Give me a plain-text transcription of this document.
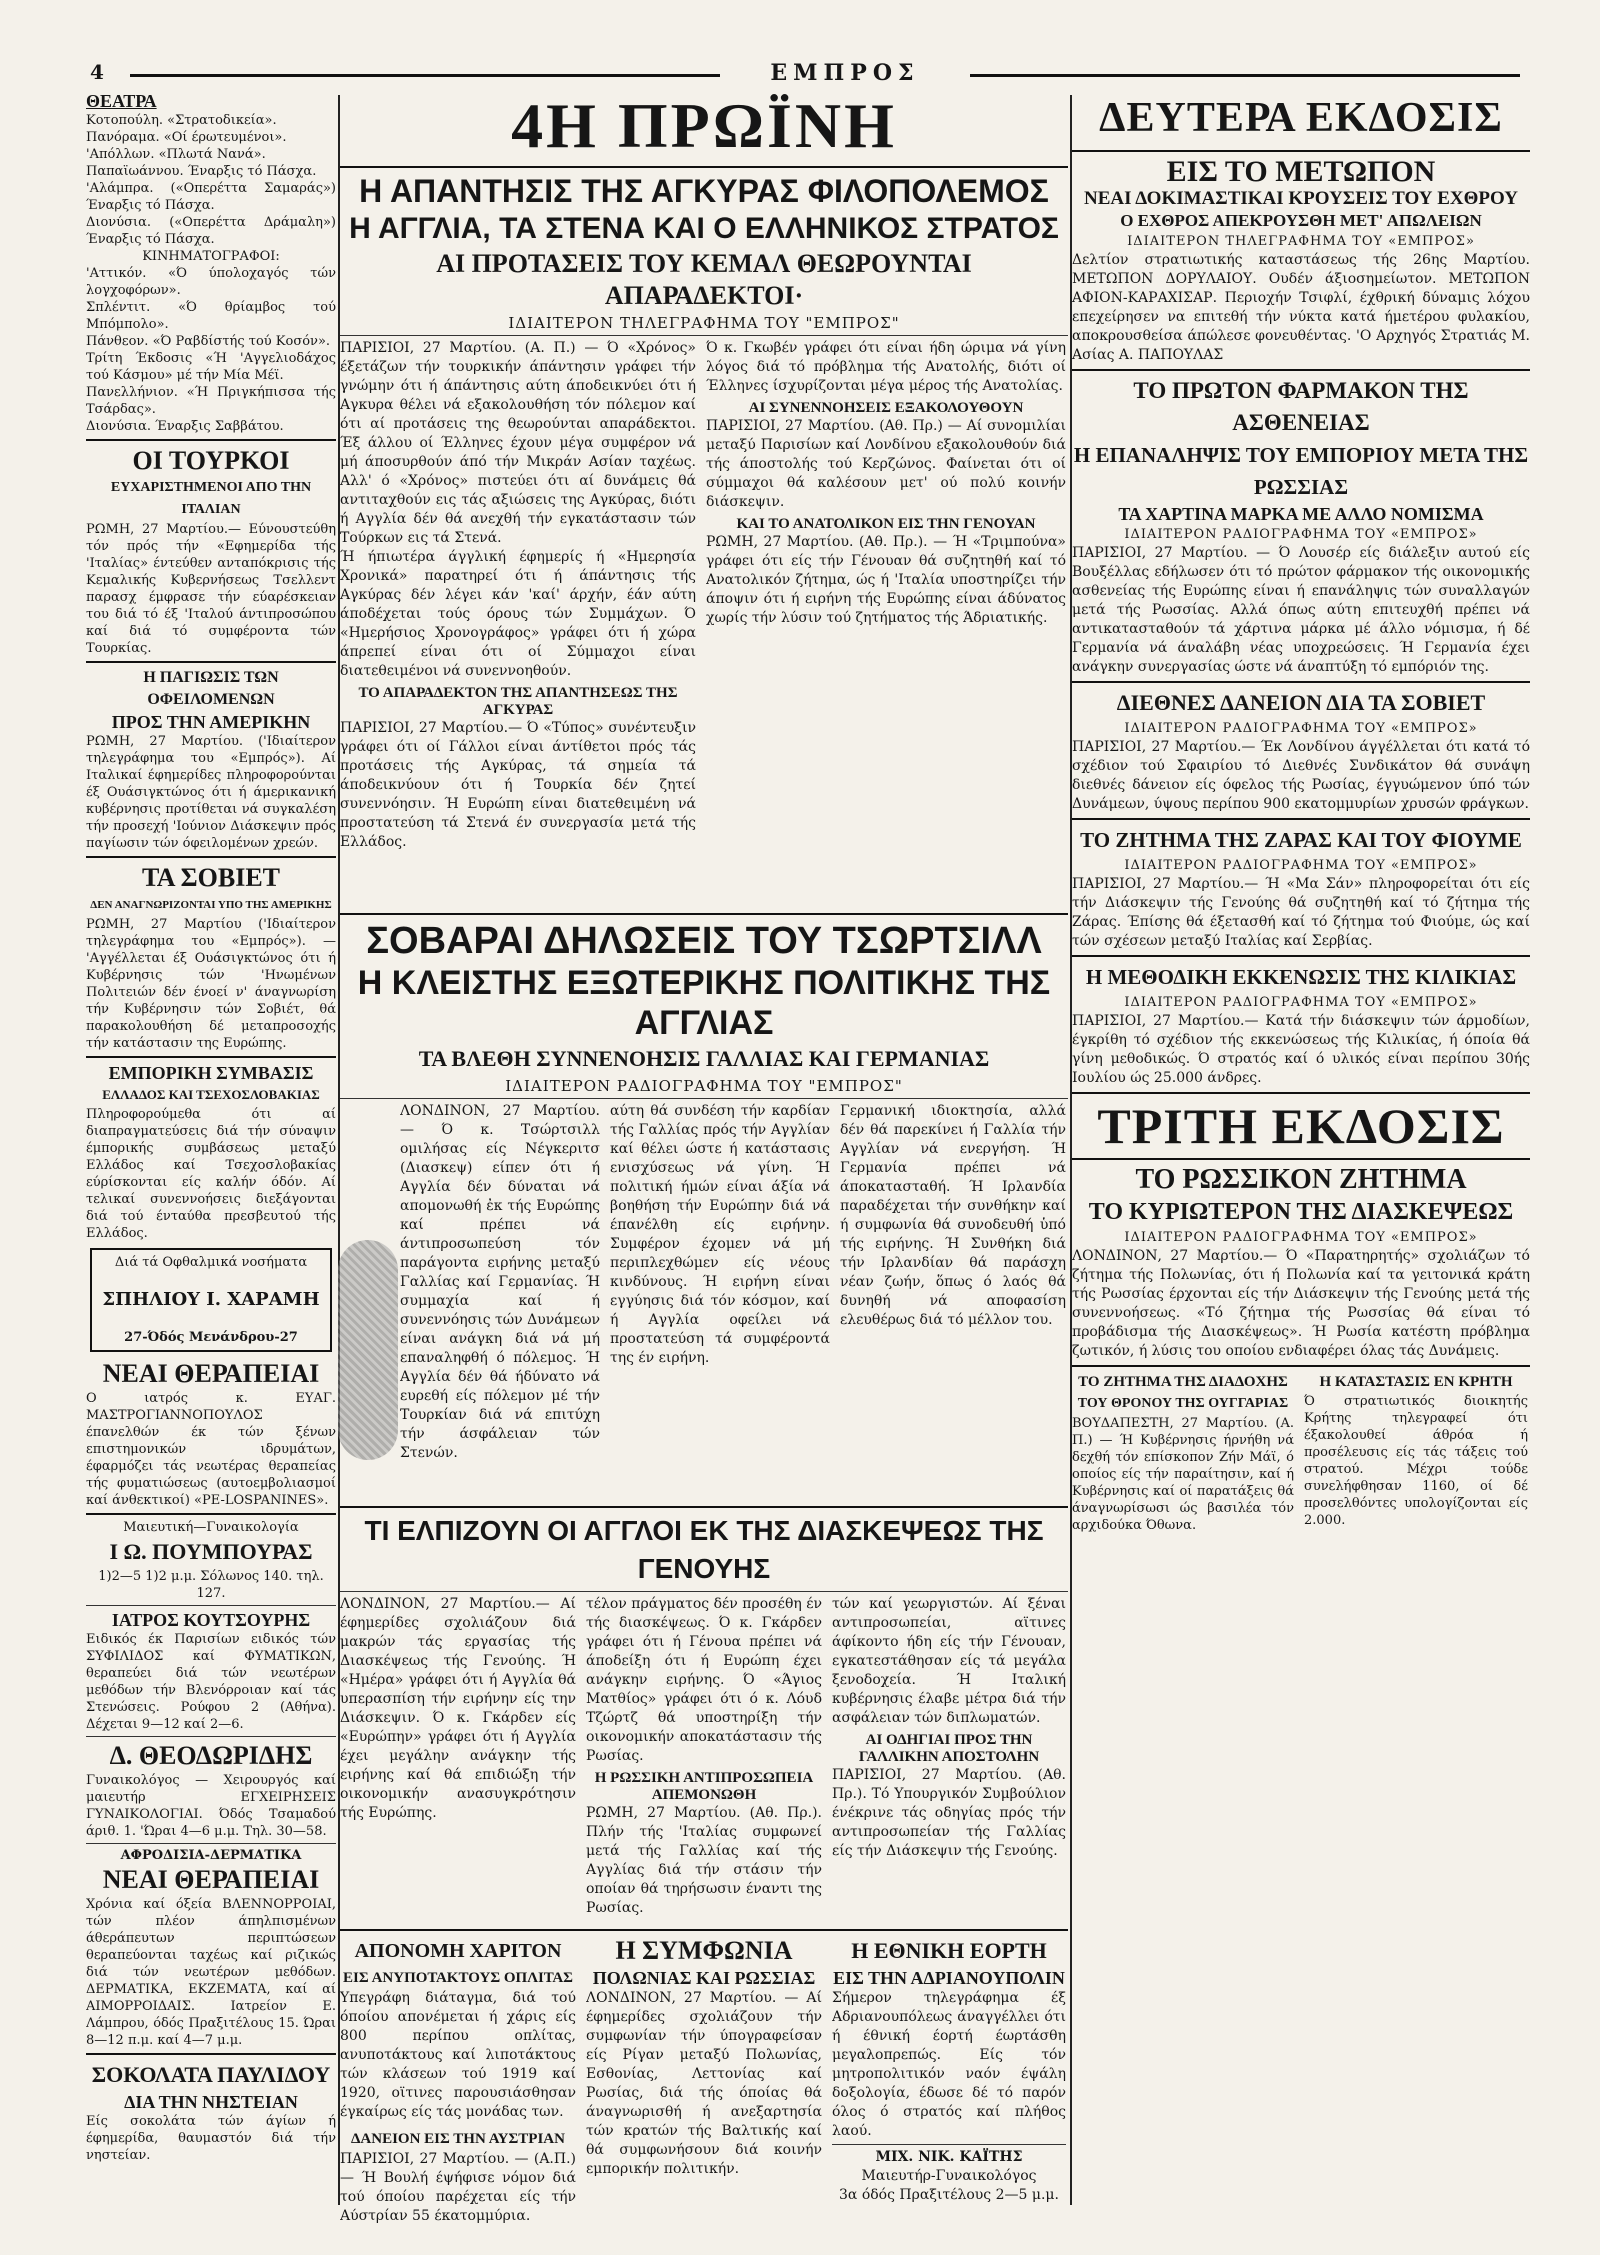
4	ΕΜΠΡΟΣ
ΘΕΑΤΡΑ

Κοτοπούλη. «Στρατοδικεία».

Πανόραμα. «Οί έρωτευμένοι».

'Απόλλων. «Πλωτά Νανά».

Παπαϊωάννου. Έναρξις τό Πάσχα.

'Αλάμπρα. («Οπερέττα Σαμαράς») Έναρξις τό Πάσχα.

Διονύσια. («Οπερέττα Δράμαλη») Έναρξις τό Πάσχα.

ΚΙΝΗΜΑΤΟΓΡΑΦΟΙ:

'Αττικόν. «Ό ύπολοχαγός τών λογχοφόρων».

Σπλέντιτ. «Ό θρίαμβος τού Μπόμπολο».

Πάνθεον. «Ό Ραβδίστής τού Κοσόν».

Τρίτη Έκδοσις «Ή 'Αγγελιοδάχος τού Κάσμου» μέ τήν Μία Μέϊ.

Πανελλήνιον. «Ή Πριγκήπισσα τής Τσάρδας».

Διονύσια. Έναρξις Σαββάτου.

ΟΙ ΤΟΥΡΚΟΙ
ΕΥΧΑΡΙΣΤΗΜΕΝΟΙ ΑΠΟ ΤΗΝ ΙΤΑΛΙΑΝ

ΡΩΜΗ, 27 Μαρτίου.— Εύνουστεύθη τόν πρός τήν «Εφημερίδα τής 'Ιταλίας» έντεύθεν ανταπόκρισις τής Κεμαλικής Κυβερνήσεως Τσελλεντ παρασχ έμφρασε τήν εύαρέσκειαν του διά τό έξ 'Ιταλού άντιπροσώπου καί διά τό συμφέροντα τών Τουρκίας.

Η ΠΑΓΙΩΣΙΣ ΤΩΝ ΟΦΕΙΛΟΜΕΝΩΝ
ΠΡΟΣ ΤΗΝ ΑΜΕΡΙΚΗΝ

ΡΩΜΗ, 27 Μαρτίου. ('Ιδιαίτερον τηλεγράφημα του «Εμπρός»). Αί Ιταλικαί έφημερίδες πληροφορούνται έξ Ουάσιγκτώνος ότι ή άμερικανική κυβέρνησις προτίθεται νά συγκαλέση τήν προσεχή 'Ιούνιον Διάσκεψιν πρός παγίωσιν τών όφειλομένων χρεών.

ΤΑ ΣΟΒΙΕΤ
ΔΕΝ ΑΝΑΓΝΩΡΙΖΟΝΤΑΙ ΥΠΟ ΤΗΣ ΑΜΕΡΙΚΗΣ

ΡΩΜΗ, 27 Μαρτίου ('Ιδιαίτερον τηλεγράφημα του «Εμπρός»). — 'Αγγέλλεται έξ Ουάσιγκτώνος ότι ή Κυβέρνησις τών 'Ηνωμένων Πολιτειών δέν ένοεί ν' άναγνωρίση τήν Κυβέρνησιν τών Σοβιέτ, θά παρακολουθήση δέ μεταπροσοχής τήν κατάστασιν της Ευρώπης.

ΕΜΠΟΡΙΚΗ ΣΥΜΒΑΣΙΣ
ΕΛΛΑΔΟΣ ΚΑΙ ΤΣΕΧΟΣΛΟΒΑΚΙΑΣ

Πληροφορούμεθα ότι αί διαπραγματεύσεις διά τήν σύναψιν έμπορικής συμβάσεως μεταξύ Ελλάδος καί Τσεχοσλοβακίας εύρίσκονται είς καλήν όδόν. Αί τελικαί συνεννοήσεις διεξάγονται διά τού ένταύθα πρεσβευτού τής Ελλάδος.

Διά τά Οφθαλμικά νοσήματα

ΣΠΗΛΙΟΥ Ι. ΧΑΡΑΜΗ

27-Όδός Μενάνδρου-27

ΝΕΑΙ ΘΕΡΑΠΕΙΑΙ

Ο ιατρός κ. ΕΥΑΓ. ΜΑΣΤΡΟΓΙΑΝΝΟΠΟΥΛΟΣ έπανελθών έκ τών ξένων επιστημονικών ιδρυμάτων, έφαρμόζει τάς νεωτέρας θεραπείας τής φυματιώσεως (αυτοεμβολιασμοί καί άνθεκτικοί) «PE-LOSPANINES».

Μαιευτική—Γυναικολογία

Ι Ω. ΠΟΥΜΠΟΥΡΑΣ

1)2—5 1)2 μ.μ. Σόλωνος 140. τηλ. 127.

ΙΑΤΡΟΣ ΚΟΥΤΣΟΥΡΗΣ

Ειδικός έκ Παρισίων ειδικός τών ΣΥΦΙΛΙΔΟΣ καί ΦΥΜΑΤΙΚΩΝ, θεραπεύει διά τών νεωτέρων μεθόδων τήν Βλενόρροιαν καί τάς Στενώσεις. Ρούφου 2 (Αθήνα). Δέχεται 9—12 καί 2—6.

Δ. ΘΕΟΔΩΡΙΔΗΣ

Γυναικολόγος — Χειρουργός καί μαιευτήρ ΕΓΧΕΙΡΗΣΕΙΣ ΓΥΝΑΙΚΟΛΟΓΙΑΙ. Όδός Τσαμαδού άριθ. 1. 'Ώραι 4—6 μ.μ. Τηλ. 30—58.

ΑΦΡΟΔΙΣΙΑ-ΔΕΡΜΑΤΙΚΑ

ΝΕΑΙ ΘΕΡΑΠΕΙΑΙ

Χρόνια καί όξεία ΒΛΕΝΝΟΡΡΟΙΑΙ, τών πλέον άπηλπισμένων άθεράπευτων περιπτώσεων θεραπεύονται ταχέως καί ριζικώς διά τών νεωτέρων μεθόδων. ΔΕΡΜΑΤΙΚΑ, ΕΚΖΕΜΑΤΑ, καί αί ΑΙΜΟΡΡΟΙΔΑΙΣ. Ιατρείον Ε. Λάμπρου, όδός Πραξιτέλους 15. Ώραι 8—12 π.μ. καί 4—7 μ.μ.

ΣΟΚΟΛΑΤΑ ΠΑΥΛΙΔΟΥ
ΔΙΑ ΤΗΝ ΝΗΣΤΕΙΑΝ

Είς σοκολάτα τών άγίων ή έφημερίδα, θαυμαστόν διά τήν νηστείαν.

4Η ΠΡΩΪΝΗ
Η ΑΠΑΝΤΗΣΙΣ ΤΗΣ ΑΓΚΥΡΑΣ ΦΙΛΟΠΟΛΕΜΟΣ
Η ΑΓΓΛΙΑ, ΤΑ ΣΤΕΝΑ ΚΑΙ Ο ΕΛΛΗΝΙΚΟΣ ΣΤΡΑΤΟΣ
ΑΙ ΠΡΟΤΑΣΕΙΣ ΤΟΥ ΚΕΜΑΛ ΘΕΩΡΟΥΝΤΑΙ ΑΠΑΡΑΔΕΚΤΟΙ·

ΙΔΙΑΙΤΕΡΟΝ ΤΗΛΕΓΡΑΦΗΜΑ ΤΟΥ "ΕΜΠΡΟΣ"

ΠΑΡΙΣΙΟΙ, 27 Μαρτίου. (Α. Π.) — Ό «Χρόνος» έξετάζων τήν τουρκικήν άπάντησιν γράφει τήν γνώμην ότι ή άπάντησις αύτη άποδεικνύει ότι ή Αγκυρα θέλει νά εξακολουθήση τόν πόλεμον καί ότι αί προτάσεις της θεωρούνται απαράδεκτοι. Έξ άλλου οί Έλληνες έχουν μέγα συμφέρον νά μή άποσυρθούν άπό τήν Μικράν Ασίαν ταχέως. Αλλ' ό «Χρόνος» πιστεύει ότι αί δυνάμεις θά αντιταχθούν εις τάς αξιώσεις της Αγκύρας, διότι ή Αγγλία δέν θά ανεχθή τήν εγκατάστασιν τών Τούρκων εις τά Στενά.

Ή ήπιωτέρα άγγλική έφημερίς ή «Ημερησία Χρονικά» παρατηρεί ότι ή άπάντησις τής Αγκύρας δέν λέγει κάν 'καί' άρχήν, έάν αύτη άποδέχεται τούς όρους τών Συμμάχων. Ό «Ημερήσιος Χρονογράφος» γράφει ότι ή χώρα άπρεπεί είναι ότι οί Σύμμαχοι είναι διατεθειμένοι νά συνεννοηθούν.

ΤΟ ΑΠΑΡΑΔΕΚΤΟΝ ΤΗΣ ΑΠΑΝΤΗΣΕΩΣ ΤΗΣ ΑΓΚΥΡΑΣ

ΠΑΡΙΣΙΟΙ, 27 Μαρτίου.— Ό «Τύπος» συνέντευξιν γράφει ότι οί Γάλλοι είναι άντίθετοι πρός τάς προτάσεις τής Αγκύρας, τά σημεία τά άποδεικνύουν ότι ή Τουρκία δέν ζητεί συνεννόησιν. Ή Ευρώπη είναι διατεθειμένη νά προστατεύση τά Στενά έν συνεργασία μετά τής Ελλάδος.

Ό κ. Γκωβέν γράφει ότι είναι ήδη ώριμα νά γίνη λόγος διά τό πρόβλημα τής Ανατολής, διότι οί Έλληνες ίσχυρίζονται μέγα μέρος τής Ανατολίας.

ΑΙ ΣΥΝΕΝΝΟΗΣΕΙΣ ΕΞΑΚΟΛΟΥΘΟΥΝ

ΠΑΡΙΣΙΟΙ, 27 Μαρτίου. (Αθ. Πρ.) — Αί συνομιλίαι μεταξύ Παρισίων καί Λονδίνου εξακολουθούν διά τής άποστολής τού Κερζώνος. Φαίνεται ότι οί σύμμαχοι θά καλέσουν μετ' ού πολύ κοινήν διάσκεψιν.

ΚΑΙ ΤΟ ΑΝΑΤΟΛΙΚΟΝ ΕΙΣ ΤΗΝ ΓΕΝΟΥΑΝ

ΡΩΜΗ, 27 Μαρτίου. (Αθ. Πρ.). — Ή «Τριμπούνα» γράφει ότι είς τήν Γένουαν θά συζητηθή καί τό Ανατολικόν ζήτημα, ώς ή 'Ιταλία υποστηρίζει τήν άποψιν ότι ή ειρήνη τής Ευρώπης είναι άδύνατος χωρίς τήν λύσιν τού ζητήματος τής Άδριατικής.

ΣΟΒΑΡΑΙ ΔΗΛΩΣΕΙΣ ΤΟΥ ΤΣΩΡΤΣΙΛΛ
Η ΚΛΕΙΣΤΗΣ ΕΞΩΤΕΡΙΚΗΣ ΠΟΛΙΤΙΚΗΣ ΤΗΣ ΑΓΓΛΙΑΣ
ΤΑ ΒΛΕΘΗ ΣΥΝΝΕΝΟΗΣΙΣ ΓΑΛΛΙΑΣ ΚΑΙ ΓΕΡΜΑΝΙΑΣ

ΙΔΙΑΙΤΕΡΟΝ ΡΑΔΙΟΓΡΑΦΗΜΑ ΤΟΥ "ΕΜΠΡΟΣ"

ΛΟΝΔΙΝΟΝ, 27 Μαρτίου. — Ό κ. Τσώρτσιλλ ομιλήσας είς Νέγκεριτσ (Διασκεψ) είπεν ότι ή Αγγλία δέν δύναται νά απομονωθή ἐκ τής Ευρώπης καί πρέπει νά άντιπροσωπεύση τόν παράγοντα ειρήνης μεταξύ Γαλλίας καί Γερμανίας. Ή συμμαχία καί ή συνεννόησις τών Δυνάμεων είναι ανάγκη διά νά μή επαναληφθή ό πόλεμος. Ή Αγγλία δέν θά ήδύνατο νά ευρεθή είς πόλεμον μέ τήν Τουρκίαν διά νά επιτύχη τήν άσφάλειαν τών Στενών.

αύτη θά συνδέση τήν καρδίαν τής Γαλλίας πρός τήν Αγγλίαν καί θέλει ώστε ή κατάστασις ενισχύσεως νά γίνη. Ή πολιτική ήμών είναι άξία νά βοηθήση τήν Ευρώπην διά νά έπανέλθη είς ειρήνην. Συμφέρον έχομεν νά μή περιπλεχθώμεν είς νέους κινδύνους. Ή ειρήνη είναι εγγύησις διά τόν κόσμον, καί ή Αγγλία οφείλει νά προστατεύση τά συμφέροντά της έν ειρήνη.

Γερμανική ιδιοκτησία, αλλά δέν θά παρεκίνει ή Γαλλία τήν Αγγλίαν νά ενεργήση. Ή Γερμανία πρέπει νά άποκατασταθή. Ή Ιρλανδία παραδέχεται τήν συνθήκην καί ή συμφωνία θά συνοδευθή ὑπό τής ειρήνης. Ή Συνθήκη διά τήν Ιρλανδίαν θά παράσχη νέαν ζωήν, ὅπως ό λαός θά δυνηθή νά αποφασίση ελευθέρως διά τό μέλλον του.

ΤΙ ΕΛΠΙΖΟΥΝ ΟΙ ΑΓΓΛΟΙ ΕΚ ΤΗΣ ΔΙΑΣΚΕΨΕΩΣ ΤΗΣ ΓΕΝΟΥΗΣ

ΛΟΝΔΙΝΟΝ, 27 Μαρτίου.— Αί έφημερίδες σχολιάζουν διά μακρών τάς εργασίας τής Διασκέψεως τής Γενούης. Ή «Ημέρα» γράφει ότι ή Αγγλία θά υπερασπίση τήν ειρήνην είς την Διάσκεψιν. Ό κ. Γκάρδεν είς «Ευρώπην» γράφει ότι ή Αγγλία έχει μεγάλην ανάγκην τής ειρήνης καί θά επιδιώξη τήν οικονομικήν ανασυγκρότησιν τής Ευρώπης.

τέλον πράγματος δέν προσέθη έν τής διασκέψεως. Ό κ. Γκάρδεν γράφει ότι ή Γένουα πρέπει νά άποδείξη ότι ή Ευρώπη έχει ανάγκην ειρήνης. Ό «Άγιος Ματθίος» γράφει ότι ό κ. Λόυδ Τζώρτζ θά υποστηρίξη τήν οικονομικήν αποκατάστασιν τής Ρωσίας.

Η ΡΩΣΣΙΚΗ ΑΝΤΙΠΡΟΣΩΠΕΙΑ ΑΠΕΜΟΝΩΘΗ

ΡΩΜΗ, 27 Μαρτίου. (Αθ. Πρ.). Πλήν τής 'Ιταλίας συμφωνεί μετά τής Γαλλίας καί τής Αγγλίας διά τήν στάσιν τήν οποίαν θά τηρήσωσιν έναντι της Ρωσίας.

τών καί γεωργιστών. Αί ξέναι αντιπροσωπείαι, αϊτινες άφίκοντο ήδη είς τήν Γένουαν, εγκατεστάθησαν είς τά μεγάλα ξενοδοχεία. Ή Ιταλική κυβέρνησις έλαβε μέτρα διά τήν ασφάλειαν τών διπλωματών.

ΑΙ ΟΔΗΓΙΑΙ ΠΡΟΣ ΤΗΝ ΓΑΛΛΙΚΗΝ ΑΠΟΣΤΟΛΗΝ

ΠΑΡΙΣΙΟΙ, 27 Μαρτίου. (Αθ. Πρ.). Τό Υπουργικόν Συμβούλιον ένέκρινε τάς οδηγίας πρός τήν αντιπροσωπείαν τής Γαλλίας είς τήν Διάσκεψιν τής Γενούης.

ΑΠΟΝΟΜΗ ΧΑΡΙΤΟΝ
ΕΙΣ ΑΝΥΠΟΤΑΚΤΟΥΣ ΟΠΛΙΤΑΣ

Υπεγράφη διάταγμα, διά τού όποίου απονέμεται ή χάρις είς 800 περίπου οπλίτας, ανυποτάκτους καί λιποτάκτους τών κλάσεων τού 1919 καί 1920, οϊτινες παρουσιάσθησαν έγκαίρως είς τάς μονάδας των.

ΔΑΝΕΙΟΝ ΕΙΣ ΤΗΝ ΑΥΣΤΡΙΑΝ

ΠΑΡΙΣΙΟΙ, 27 Μαρτίου. — (Α.Π.) — Ή Βουλή έψήφισε νόμον διά τού όποίου παρέχεται είς τήν Αύστρίαν 55 έκατομμύρια.

Η ΣΥΜΦΩΝΙΑ
ΠΟΛΩΝΙΑΣ ΚΑΙ ΡΩΣΣΙΑΣ

ΛΟΝΔΙΝΟΝ, 27 Μαρτίου. — Αί έφημερίδες σχολιάζουν τήν συμφωνίαν τήν ύπογραφείσαν είς Ρίγαν μεταξύ Πολωνίας, Εσθονίας, Λεττονίας καί Ρωσίας, διά τής όποίας θά άναγνωρισθή ή ανεξαρτησία τών κρατών τής Βαλτικής καί θά συμφωνήσουν διά κοινήν εμπορικήν πολιτικήν.

Η ΕΘΝΙΚΗ ΕΟΡΤΗ
ΕΙΣ ΤΗΝ ΑΔΡΙΑΝΟΥΠΟΛΙΝ

Σήμερον τηλεγράφημα έξ Αδριανουπόλεως άναγγέλλει ότι ή έθνική έορτή έωρτάσθη μεγαλοπρεπώς. Είς τόν μητροπολιτικόν ναόν έψάλη δοξολογία, έδωσε δέ τό παρόν όλος ό στρατός καί πλήθος λαού.

ΜΙΧ. ΝΙΚ. ΚΑΪΤΗΣ

Μαιευτήρ-Γυναικολόγος

3α όδός Πραξιτέλους 2—5 μ.μ.

ΔΕΥΤΕΡΑ ΕΚΔΟΣΙΣ
ΕΙΣ ΤΟ ΜΕΤΩΠΟΝ
ΝΕΑΙ ΔΟΚΙΜΑΣΤΙΚΑΙ ΚΡΟΥΣΕΙΣ ΤΟΥ ΕΧΘΡΟΥ
Ο ΕΧΘΡΟΣ ΑΠΕΚΡΟΥΣΘΗ ΜΕΤ' ΑΠΩΛΕΙΩΝ

ΙΔΙΑΙΤΕΡΟΝ ΤΗΛΕΓΡΑΦΗΜΑ ΤΟΥ «ΕΜΠΡΟΣ»

Δελτίον στρατιωτικής καταστάσεως τής 26ης Μαρτίου. ΜΕΤΩΠΟΝ ΔΟΡΥΛΑΙΟΥ. Ουδέν άξιοσημείωτον. ΜΕΤΩΠΟΝ ΑΦΙΟΝ-ΚΑΡΑΧΙΣΑΡ. Περιοχήν Τσιφλί, έχθρική δύναμις λόχου επεχείρησεν να επιτεθή τήν νύκτα κατά ήμετέρου φυλακίου, αποκρουσθείσα άπώλεσε φονευθέντας. 'Ο Αρχηγός Στρατιάς Μ. Ασίας Α. ΠΑΠΟΥΛΑΣ

ΤΟ ΠΡΩΤΟΝ ΦΑΡΜΑΚΟΝ ΤΗΣ ΑΣΘΕΝΕΙΑΣ
Η ΕΠΑΝΑΛΗΨΙΣ ΤΟΥ ΕΜΠΟΡΙΟΥ ΜΕΤΑ ΤΗΣ ΡΩΣΣΙΑΣ
ΤΑ ΧΑΡΤΙΝΑ ΜΑΡΚΑ ΜΕ ΑΛΛΟ ΝΟΜΙΣΜΑ

ΙΔΙΑΙΤΕΡΟΝ ΡΑΔΙΟΓΡΑΦΗΜΑ ΤΟΥ «ΕΜΠΡΟΣ»

ΠΑΡΙΣΙΟΙ, 27 Μαρτίου. — Ό Λουσέρ είς διάλεξιν αυτού είς Βουξέλλας εδήλωσεν ότι τό πρώτον φάρμακον τής οικονομικής ασθενείας τής Ευρώπης είναι ή επανάληψις τών συναλλαγών μετά τής Ρωσσίας. Αλλά όπως αύτη επιτευχθή πρέπει νά αντικατασταθούν τά χάρτινα μάρκα μέ άλλο νόμισμα, ή δέ Γερμανία νά άναλάβη νέας υποχρεώσεις. Ή Γερμανία έχει ανάγκην συνεργασίας ώστε νά άναπτύξη τό εμπόριόν της.

ΔΙΕΘΝΕΣ ΔΑΝΕΙΟΝ ΔΙΑ ΤΑ ΣΟΒΙΕΤ

ΙΔΙΑΙΤΕΡΟΝ ΡΑΔΙΟΓΡΑΦΗΜΑ ΤΟΥ «ΕΜΠΡΟΣ»

ΠΑΡΙΣΙΟΙ, 27 Μαρτίου.— Έκ Λονδίνου άγγέλλεται ότι κατά τό σχέδιον τού Σφαιρίου τό Διεθνές Συνδικάτον θά συνάψη διεθνές δάνειον είς όφελος τής Ρωσίας, έγγυώμενον ύπό τών Δυνάμεων, ύψους περίπου 900 εκατομμυρίων χρυσών φράγκων.

ΤΟ ΖΗΤΗΜΑ ΤΗΣ ΖΑΡΑΣ ΚΑΙ ΤΟΥ ΦΙΟΥΜΕ

ΙΔΙΑΙΤΕΡΟΝ ΡΑΔΙΟΓΡΑΦΗΜΑ ΤΟΥ «ΕΜΠΡΟΣ»

ΠΑΡΙΣΙΟΙ, 27 Μαρτίου.— Ή «Μα Σάν» πληροφορείται ότι είς τήν Διάσκεψιν τής Γενούης θά συζητηθή καί τό ζήτημα τής Ζάρας. Έπίσης θά έξετασθή καί τό ζήτημα τού Φιούμε, ώς καί τών σχέσεων μεταξύ Ιταλίας καί Σερβίας.

Η ΜΕΘΟΔΙΚΗ ΕΚΚΕΝΩΣΙΣ ΤΗΣ ΚΙΛΙΚΙΑΣ

ΙΔΙΑΙΤΕΡΟΝ ΡΑΔΙΟΓΡΑΦΗΜΑ ΤΟΥ «ΕΜΠΡΟΣ»

ΠΑΡΙΣΙΟΙ, 27 Μαρτίου.— Κατά τήν διάσκεψιν τών άρμοδίων, έγκρίθη τό σχέδιον τής εκκενώσεως τής Κιλικίας, ή όποία θά γίνη μεθοδικώς. Ό στρατός καί ό υλικός είναι περίπου 30ής Ιουλίου ώς 25.000 άνδρες.

ΤΡΙΤΗ ΕΚΔΟΣΙΣ
ΤΟ ΡΩΣΣΙΚΟΝ ΖΗΤΗΜΑ
ΤΟ ΚΥΡΙΩΤΕΡΟΝ ΤΗΣ ΔΙΑΣΚΕΨΕΩΣ

ΙΔΙΑΙΤΕΡΟΝ ΡΑΔΙΟΓΡΑΦΗΜΑ ΤΟΥ «ΕΜΠΡΟΣ»

ΛΟΝΔΙΝΟΝ, 27 Μαρτίου.— Ό «Παρατηρητής» σχολιάζων τό ζήτημα τής Πολωνίας, ότι ή Πολωνία καί τα γειτονικά κράτη τής Ρωσσίας έρχονται είς τήν Διάσκεψιν τής Γενούης μετά τής συνεννοήσεως. «Τό ζήτημα τής Ρωσσίας θά είναι τό προβάδισμα τής Διασκέψεως». Ή Ρωσία κατέστη πρόβλημα ζωτικόν, ή λύσις του οποίου ενδιαφέρει όλας τάς Δυνάμεις.

ΤΟ ΖΗΤΗΜΑ ΤΗΣ ΔΙΑΔΟΧΗΣ
ΤΟΥ ΘΡΟΝΟΥ ΤΗΣ ΟΥΓΓΑΡΙΑΣ

ΒΟΥΔΑΠΕΣΤΗ, 27 Μαρτίου. (Α. Π.) — Ή Κυβέρνησις ήρνήθη νά δεχθή τόν επίσκοπον Ζήν Μάϊ, ό οποίος είς τήν παραίτησιν, καί ή Κυβέρνησις καί οί παρατάξεις θά άναγνωρίσωσι ώς βασιλέα τόν αρχιδούκα Όθωνα.

Η ΚΑΤΑΣΤΑΣΙΣ ΕΝ ΚΡΗΤΗ

Ό στρατιωτικός διοικητής Κρήτης τηλεγραφεί ότι έξακολουθεί άθρόα ή προσέλευσις είς τάς τάξεις τού στρατού. Μέχρι τούδε συνελήφθησαν 1160, οί δέ προσελθόντες υπολογίζονται είς 2.000.
